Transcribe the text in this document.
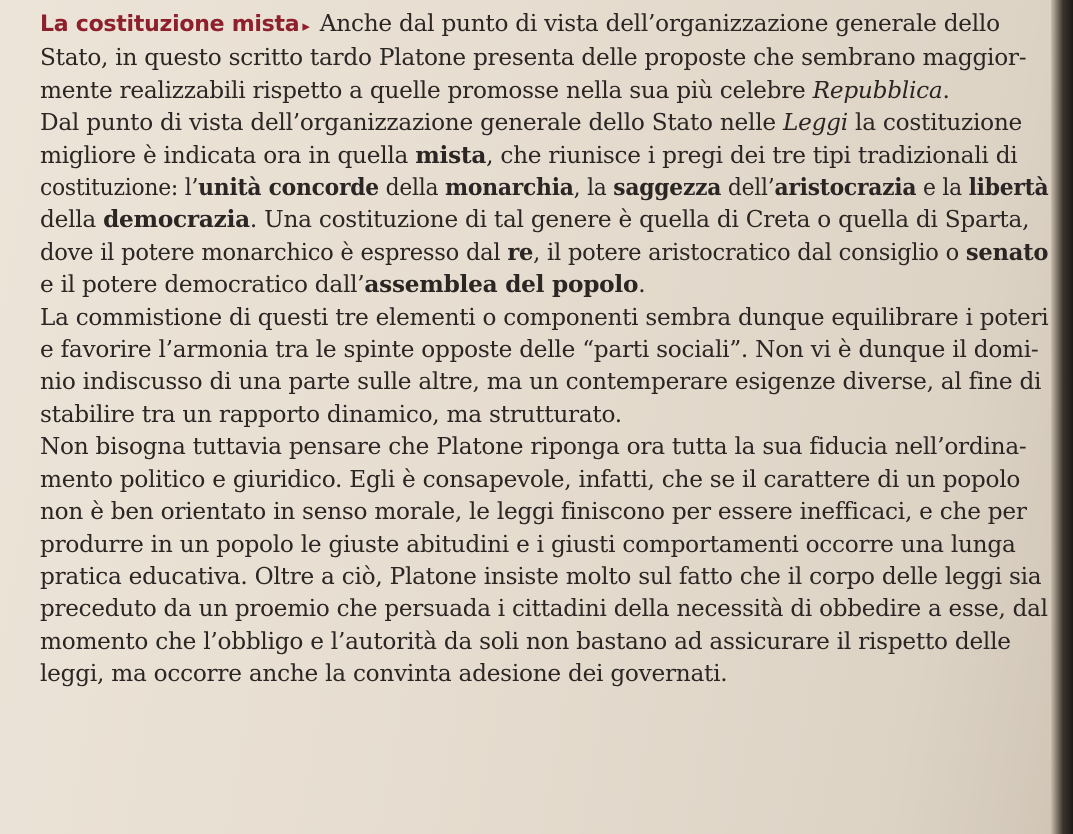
La costituzione mista ▸ Anche dal punto di vista dell’organizzazione generale dello
Stato, in questo scritto tardo Platone presenta delle proposte che sembrano maggior-
mente realizzabili rispetto a quelle promosse nella sua più celebre Repubblica.
Dal punto di vista dell’organizzazione generale dello Stato nelle Leggi la costituzione
migliore è indicata ora in quella mista, che riunisce i pregi dei tre tipi tradizionali di
costituzione: l’unità concorde della monarchia, la saggezza dell’aristocrazia e la libertà
della democrazia. Una costituzione di tal genere è quella di Creta o quella di Sparta,
dove il potere monarchico è espresso dal re, il potere aristocratico dal consiglio o senato
e il potere democratico dall’assemblea del popolo.
La commistione di questi tre elementi o componenti sembra dunque equilibrare i poteri
e favorire l’armonia tra le spinte opposte delle “parti sociali”. Non vi è dunque il domi-
nio indiscusso di una parte sulle altre, ma un contemperare esigenze diverse, al fine di
stabilire tra un rapporto dinamico, ma strutturato.
Non bisogna tuttavia pensare che Platone riponga ora tutta la sua fiducia nell’ordina-
mento politico e giuridico. Egli è consapevole, infatti, che se il carattere di un popolo
non è ben orientato in senso morale, le leggi finiscono per essere inefficaci, e che per
produrre in un popolo le giuste abitudini e i giusti comportamenti occorre una lunga
pratica educativa. Oltre a ciò, Platone insiste molto sul fatto che il corpo delle leggi sia
preceduto da un proemio che persuada i cittadini della necessità di obbedire a esse, dal
momento che l’obbligo e l’autorità da soli non bastano ad assicurare il rispetto delle
leggi, ma occorre anche la convinta adesione dei governati.
